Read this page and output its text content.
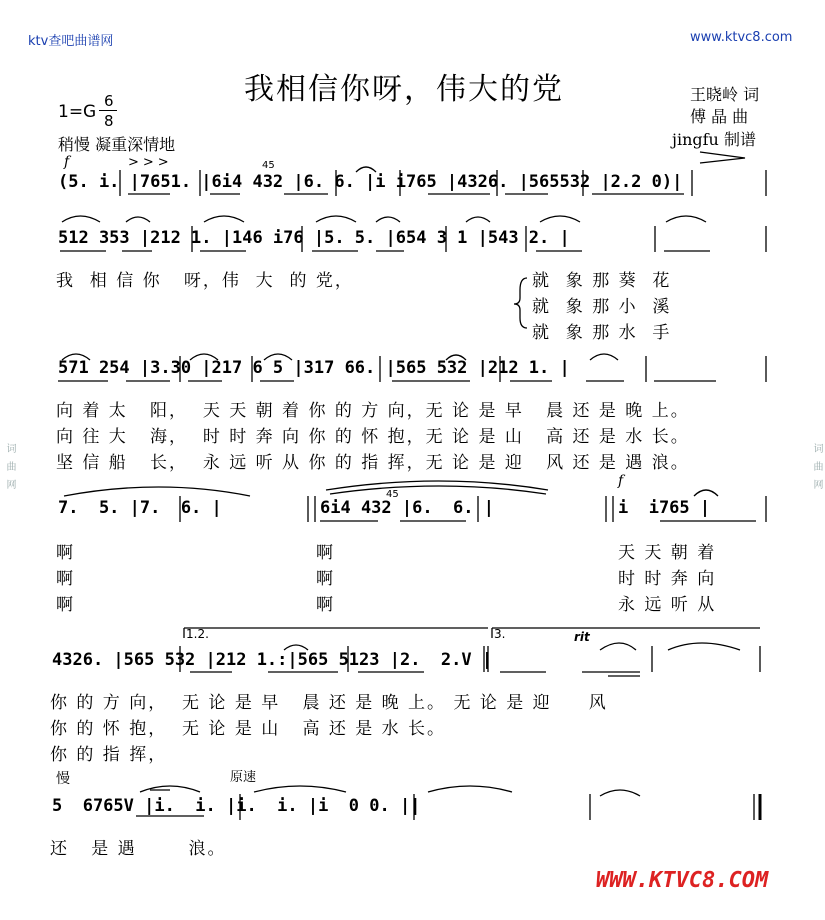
词曲网	词曲网
ktv查吧曲谱网	www.ktvc8.com
我相信你呀，伟大的党	王晓岭 词
傅 晶 曲
jingfu 制谱
1=G
6
8
稍慢 凝重深情地
f	>>>	45
45
f
(5. i. |7651. |6i4 432 |6. 6. |i i765 |4326. |565532 |2.2 0)|
512 353 |212 1. |146 i76 |5. 5. |654 3 1 |543 2. |
我  相 信 你   呀，伟  大  的 党，	就  象 那 葵  花
就  象 那 小  溪
就  象 那 水  手
571 254 |3.30 |217 6 5 |317 66. |565 532 |212 1. |
向 着 太   阳，  天 天 朝 着 你 的 方 向，无 论 是 早   晨 还 是 晚 上。
向 往 大   海，  时 时 奔 向 你 的 怀 抱，无 论 是 山   高 还 是 水 长。
坚 信 船   长，  永 远 听 从 你 的 指 挥，无 论 是 迎   风 还 是 遇 浪。
7.  5. |7.  6. |	6i4 432 |6.  6. |	i  i765 |
啊	啊
啊	啊
啊	啊
天 天 朝 着
时 时 奔 向
永 远 听 从
1.2.	3.	rit
4326. |565 532 |212 1.:|565 5123 |2.  2.V |
你 的 方 向，  无 论 是 早   晨 还 是 晚 上。 无 论 是 迎     风
你 的 怀 抱，  无 论 是 山   高 还 是 水 长。
你 的 指 挥，
慢	原速
5  6765V |i.  i. |i.  i. |i  0 0. ||
还   是 遇       浪。
WWW.KTVC8.COM
